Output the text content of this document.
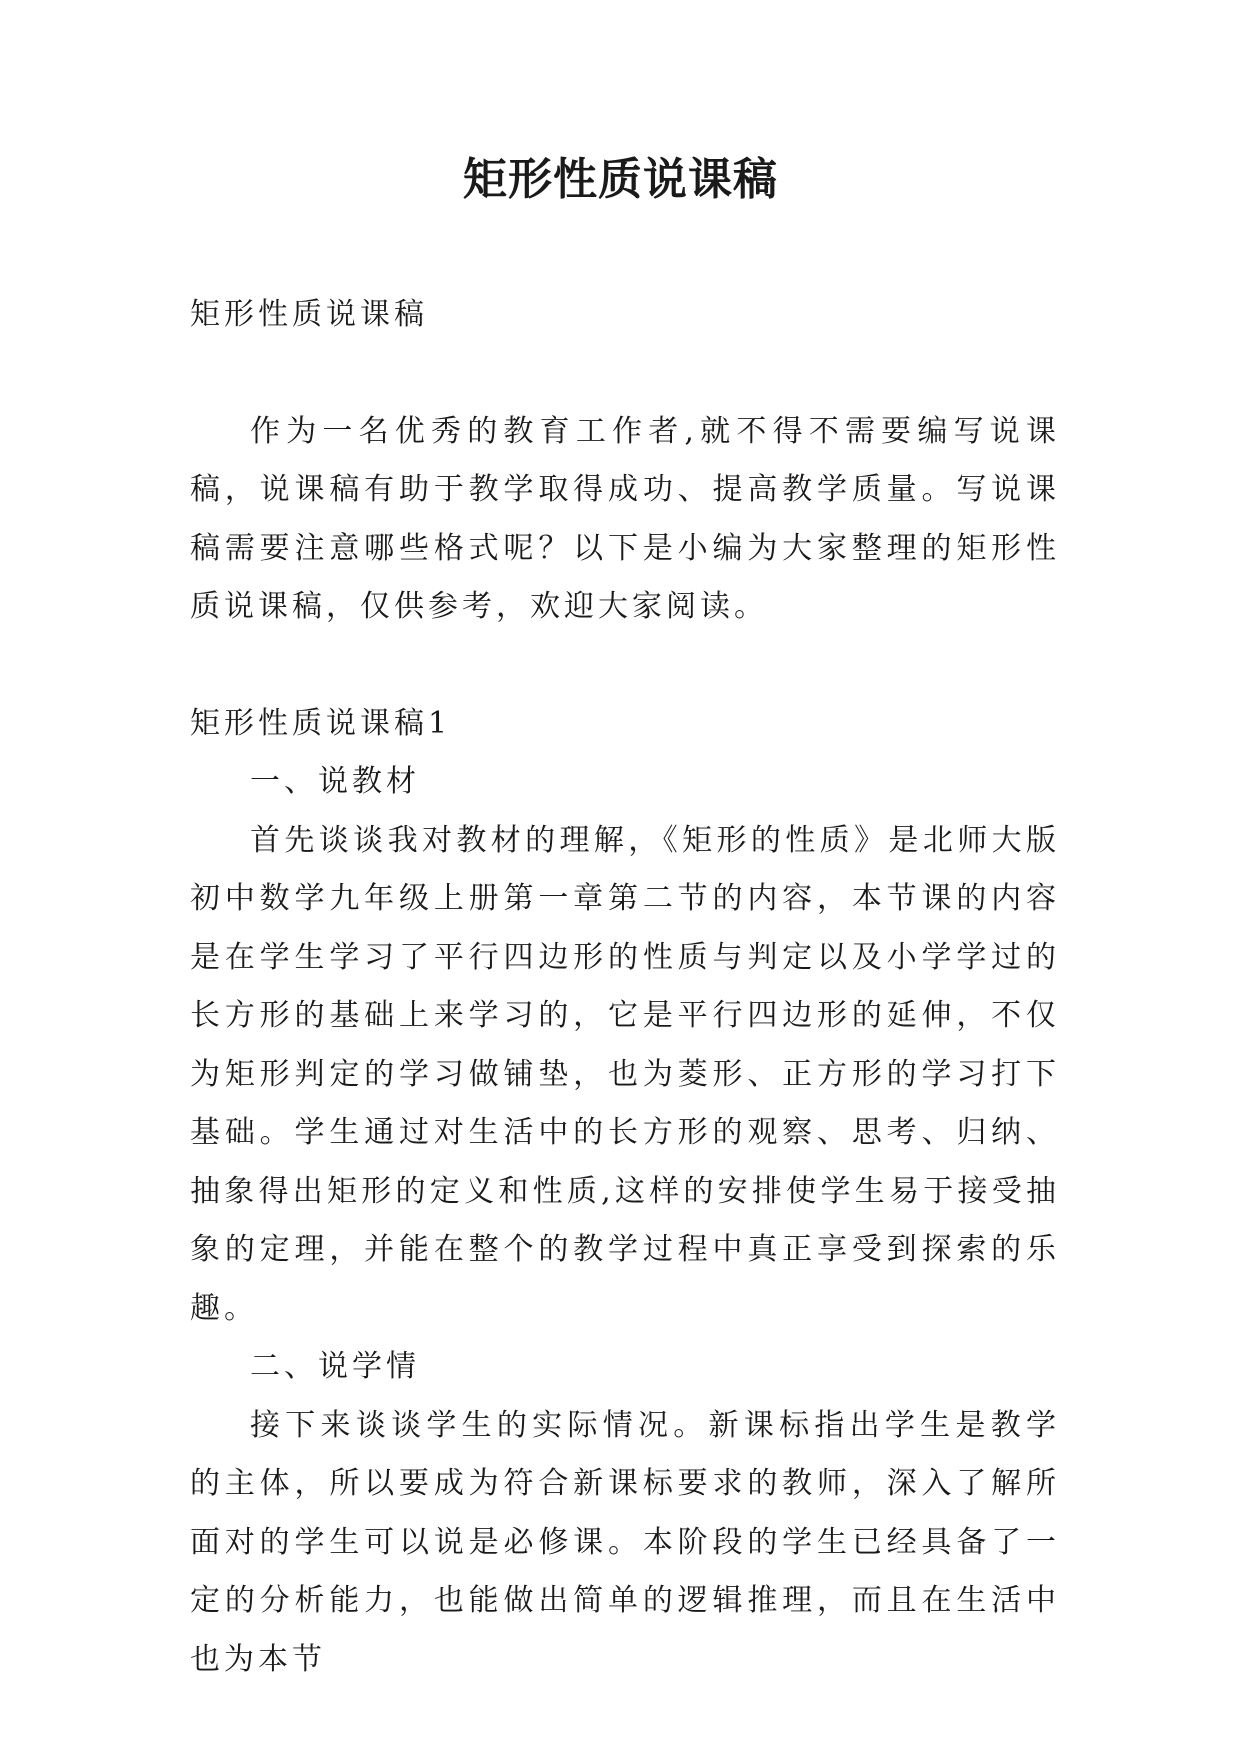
矩形性质说课稿

矩形性质说课稿

作为一名优秀的教育工作者,就不得不需要编写说课稿，说课稿有助于教学取得成功、提高教学质量。写说课稿需要注意哪些格式呢？以下是小编为大家整理的矩形性质说课稿，仅供参考，欢迎大家阅读。

矩形性质说课稿1

一、说教材

首先谈谈我对教材的理解，《矩形的性质》是北师大版初中数学九年级上册第一章第二节的内容，本节课的内容是在学生学习了平行四边形的性质与判定以及小学学过的长方形的基础上来学习的，它是平行四边形的延伸，不仅为矩形判定的学习做铺垫，也为菱形、正方形的学习打下基础。学生通过对生活中的长方形的观察、思考、归纳、抽象得出矩形的定义和性质,这样的安排使学生易于接受抽象的定理，并能在整个的教学过程中真正享受到探索的乐趣。

二、说学情

接下来谈谈学生的实际情况。新课标指出学生是教学的主体，所以要成为符合新课标要求的教师，深入了解所面对的学生可以说是必修课。本阶段的学生已经具备了一定的分析能力，也能做出简单的逻辑推理，而且在生活中也为本节
